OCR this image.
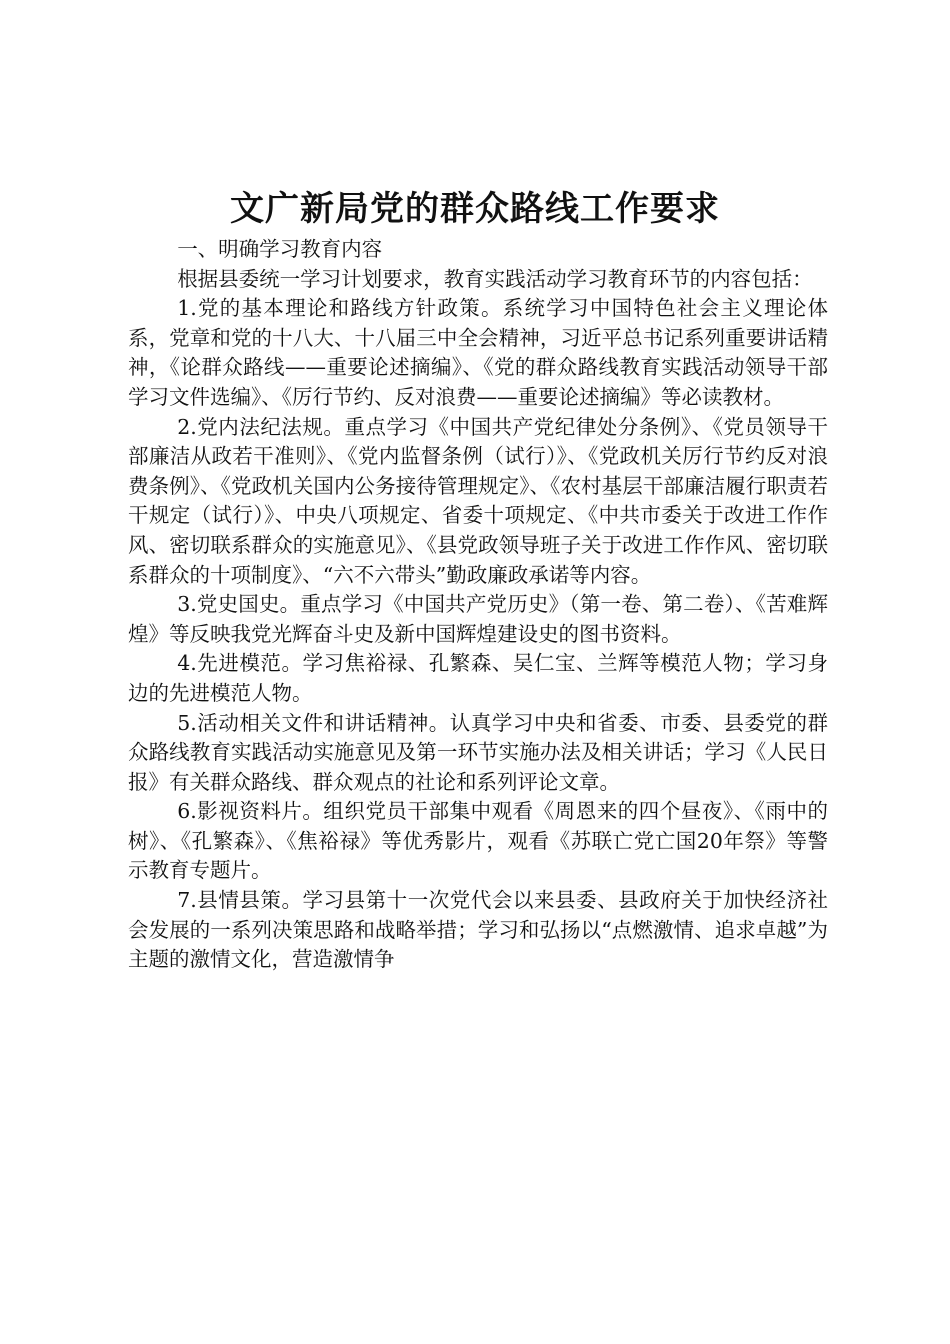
文广新局党的群众路线工作要求

一、明确学习教育内容

根据县委统一学习计划要求，教育实践活动学习教育环节的内容包括：

1.党的基本理论和路线方针政策。系统学习中国特色社会主义理论体系，党章和党的十八大、十八届三中全会精神，习近平总书记系列重要讲话精神，《论群众路线——重要论述摘编》、《党的群众路线教育实践活动领导干部学习文件选编》、《厉行节约、反对浪费——重要论述摘编》等必读教材。

2.党内法纪法规。重点学习《中国共产党纪律处分条例》、《党员领导干部廉洁从政若干准则》、《党内监督条例（试行）》、《党政机关厉行节约反对浪费条例》、《党政机关国内公务接待管理规定》、《农村基层干部廉洁履行职责若干规定（试行）》、中央八项规定、省委十项规定、《中共市委关于改进工作作风、密切联系群众的实施意见》、《县党政领导班子关于改进工作作风、密切联系群众的十项制度》、“六不六带头”勤政廉政承诺等内容。

3.党史国史。重点学习《中国共产党历史》（第一卷、第二卷）、《苦难辉煌》等反映我党光辉奋斗史及新中国辉煌建设史的图书资料。

4.先进模范。学习焦裕禄、孔繁森、吴仁宝、兰辉等模范人物；学习身边的先进模范人物。

5.活动相关文件和讲话精神。认真学习中央和省委、市委、县委党的群众路线教育实践活动实施意见及第一环节实施办法及相关讲话；学习《人民日报》有关群众路线、群众观点的社论和系列评论文章。

6.影视资料片。组织党员干部集中观看《周恩来的四个昼夜》、《雨中的树》、《孔繁森》、《焦裕禄》等优秀影片，观看《苏联亡党亡国20年祭》等警示教育专题片。

7.县情县策。学习县第十一次党代会以来县委、县政府关于加快经济社会发展的一系列决策思路和战略举措；学习和弘扬以“点燃激情、追求卓越”为主题的激情文化，营造激情争
